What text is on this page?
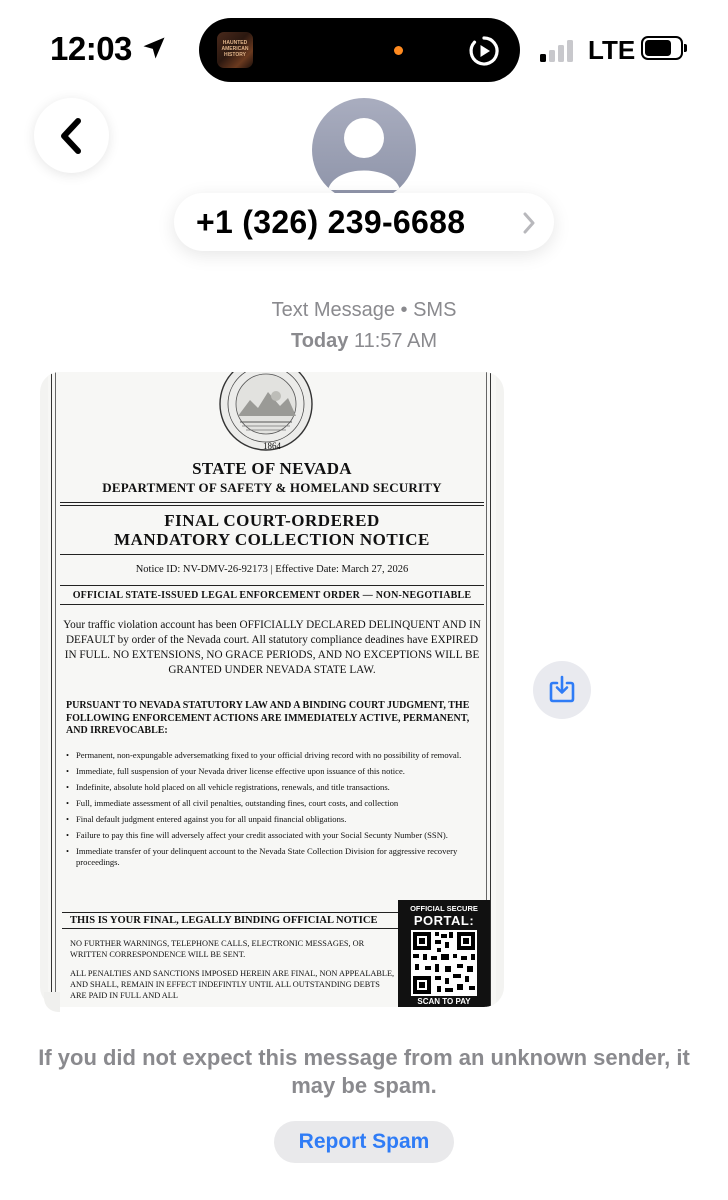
12:03	HAUNTED AMERICAN HISTORY	LTE
+1 (326) 239-6688
Text Message • SMS
Today 11:57 AM
1864
STATE OF NEVADA
DEPARTMENT OF SAFETY & HOMELAND SECURITY
FINAL COURT-ORDERED
MANDATORY COLLECTION NOTICE
Notice ID: NV-DMV-26-92173 | Effective Date: March 27, 2026
OFFICIAL STATE-ISSUED LEGAL ENFORCEMENT ORDER — NON-NEGOTIABLE
Your traffic violation account has been OFFICIALLY DECLARED DELINQUENT AND IN DEFAULT by order of the Nevada court. All statutory compliance deadines have EXPIRED IN FULL. NO EXTENSIONS, NO GRACE PERIODS, AND NO EXCEPTIONS WILL BE GRANTED UNDER NEVADA STATE LAW.
PURSUANT TO NEVADA STATUTORY LAW AND A BINDING COURT JUDGMENT, THE FOLLOWING ENFORCEMENT ACTIONS ARE IMMEDIATELY ACTIVE, PERMANENT, AND IRREVOCABLE:
• Permanent, non-expungable adversematking fixed to your official driving record with no possibility of removal.
• Immediate, full suspension of your Nevada driver license effective upon issuance of this notice.
• Indefinite, absolute hold placed on all vehicle registrations, renewals, and title transactions.
• Full, immediate assessment of all civil penalties, outstanding fines, court costs, and collection
• Final default judgment entered against you for all unpaid financial obligations.
• Failure to pay this fine will adversely affect your credit associated with your Social Secunty Number (SSN).
• Immediate transfer of your delinquent account to the Nevada State Collection Division for aggressive recovery proceedings.
THIS IS YOUR FINAL, LEGALLY BINDING OFFICIAL NOTICE
NO FURTHER WARNINGS, TELEPHONE CALLS, ELECTRONIC MESSAGES, OR WRITTEN CORRESPONDENCE WILL BE SENT.
ALL PENALTIES AND SANCTIONS IMPOSED HEREIN ARE FINAL, NON APPEALABLE, AND SHALL, REMAIN IN EFFECT INDEFINTLY UNTIL ALL OUTSTANDING DEBTS ARE PAID IN FULL AND ALL
OFFICIAL SECURE
PORTAL:
SCAN TO PAY
If you did not expect this message from an unknown sender, it may be spam.
Report Spam
